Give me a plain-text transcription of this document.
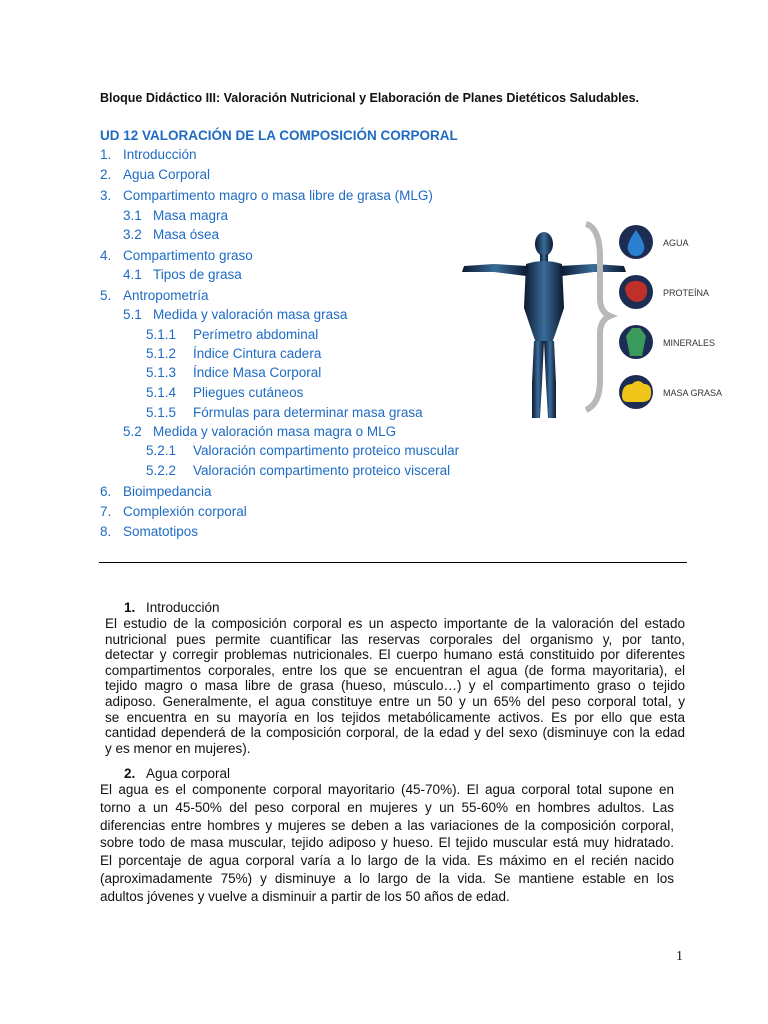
Bloque Didáctico III: Valoración Nutricional y Elaboración de Planes Dietéticos Saludables.
UD 12 VALORACIÓN DE LA COMPOSICIÓN CORPORAL
1. Introducción
2. Agua Corporal
3. Compartimento magro o masa libre de grasa (MLG)
3.1 Masa magra
3.2 Masa ósea
4. Compartimento graso
4.1 Tipos de grasa
5. Antropometría
5.1 Medida y valoración masa grasa
5.1.1 Perímetro abdominal
5.1.2 Índice Cintura cadera
5.1.3 Índice Masa Corporal
5.1.4 Pliegues cutáneos
5.1.5 Fórmulas para determinar masa grasa
5.2 Medida y valoración masa magra o MLG
5.2.1 Valoración compartimento proteico muscular
5.2.2 Valoración compartimento proteico visceral
6. Bioimpedancia
7. Complexión corporal
8. Somatotipos
AGUA
PROTEÍNA
MINERALES
MASA GRASA
1. Introducción
El estudio de la composición corporal es un aspecto importante de la valoración del estado
nutricional pues permite cuantificar las reservas corporales del organismo y, por tanto,
detectar y corregir problemas nutricionales. El cuerpo humano está constituido por diferentes
compartimentos corporales, entre los que se encuentran el agua (de forma mayoritaria), el
tejido magro o masa libre de grasa (hueso, músculo…) y el compartimento graso o tejido
adiposo. Generalmente, el agua constituye entre un 50 y un 65% del peso corporal total, y
se encuentra en su mayoría en los tejidos metabólicamente activos. Es por ello que esta
cantidad dependerá de la composición corporal, de la edad y del sexo (disminuye con la edad
y es menor en mujeres).
2. Agua corporal
El agua es el componente corporal mayoritario (45-70%). El agua corporal total supone en
torno a un 45-50% del peso corporal en mujeres y un 55-60% en hombres adultos. Las
diferencias entre hombres y mujeres se deben a las variaciones de la composición corporal,
sobre todo de masa muscular, tejido adiposo y hueso. El tejido muscular está muy hidratado.
El porcentaje de agua corporal varía a lo largo de la vida. Es máximo en el recién nacido
(aproximadamente 75%) y disminuye a lo largo de la vida. Se mantiene estable en los
adultos jóvenes y vuelve a disminuir a partir de los 50 años de edad.
1
